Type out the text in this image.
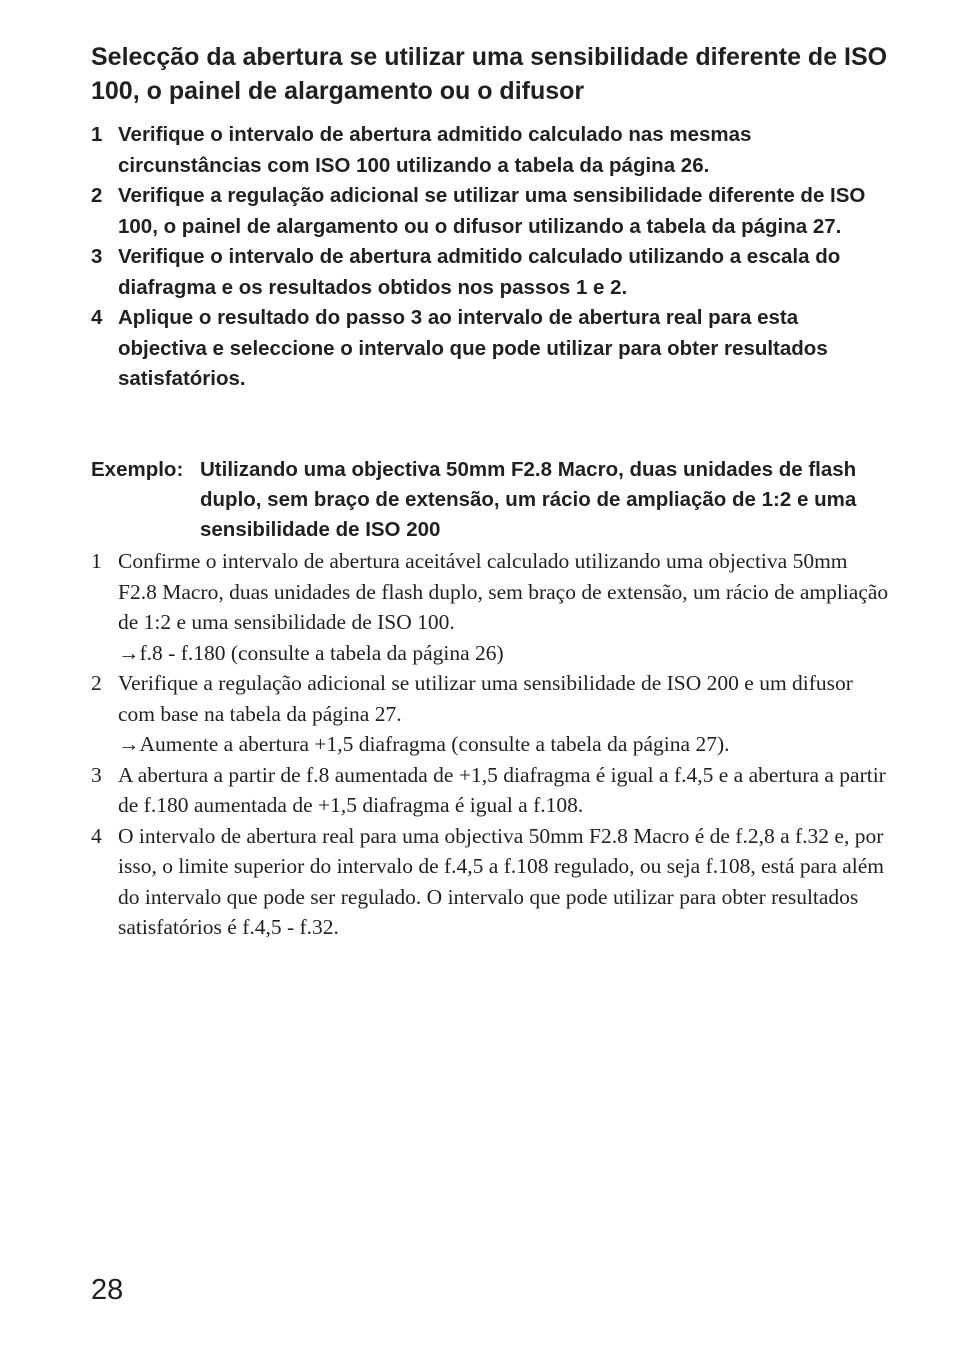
Selecção da abertura se utilizar uma sensibilidade diferente de ISO 100, o painel de alargamento ou o difusor
1 Verifique o intervalo de abertura admitido calculado nas mesmas circunstâncias com ISO 100 utilizando a tabela da página 26.
2 Verifique a regulação adicional se utilizar uma sensibilidade diferente de ISO 100, o painel de alargamento ou o difusor utilizando a tabela da página 27.
3 Verifique o intervalo de abertura admitido calculado utilizando a escala do diafragma e os resultados obtidos nos passos 1 e 2.
4 Aplique o resultado do passo 3 ao intervalo de abertura real para esta objectiva e seleccione o intervalo que pode utilizar para obter resultados satisfatórios.
Exemplo: Utilizando uma objectiva 50mm F2.8 Macro, duas unidades de flash duplo, sem braço de extensão, um rácio de ampliação de 1:2 e uma sensibilidade de ISO 200
1 Confirme o intervalo de abertura aceitável calculado utilizando uma objectiva 50mm F2.8 Macro, duas unidades de flash duplo, sem braço de extensão, um rácio de ampliação de 1:2 e uma sensibilidade de ISO 100.
→f.8 - f.180 (consulte a tabela da página 26)
2 Verifique a regulação adicional se utilizar uma sensibilidade de ISO 200 e um difusor com base na tabela da página 27.
→Aumente a abertura +1,5 diafragma (consulte a tabela da página 27).
3 A abertura a partir de f.8 aumentada de +1,5 diafragma é igual a f.4,5 e a abertura a partir de f.180 aumentada de +1,5 diafragma é igual a f.108.
4 O intervalo de abertura real para uma objectiva 50mm F2.8 Macro é de f.2,8 a f.32 e, por isso, o limite superior do intervalo de f.4,5 a f.108 regulado, ou seja f.108, está para além do intervalo que pode ser regulado. O intervalo que pode utilizar para obter resultados satisfatórios é f.4,5 - f.32.
28
